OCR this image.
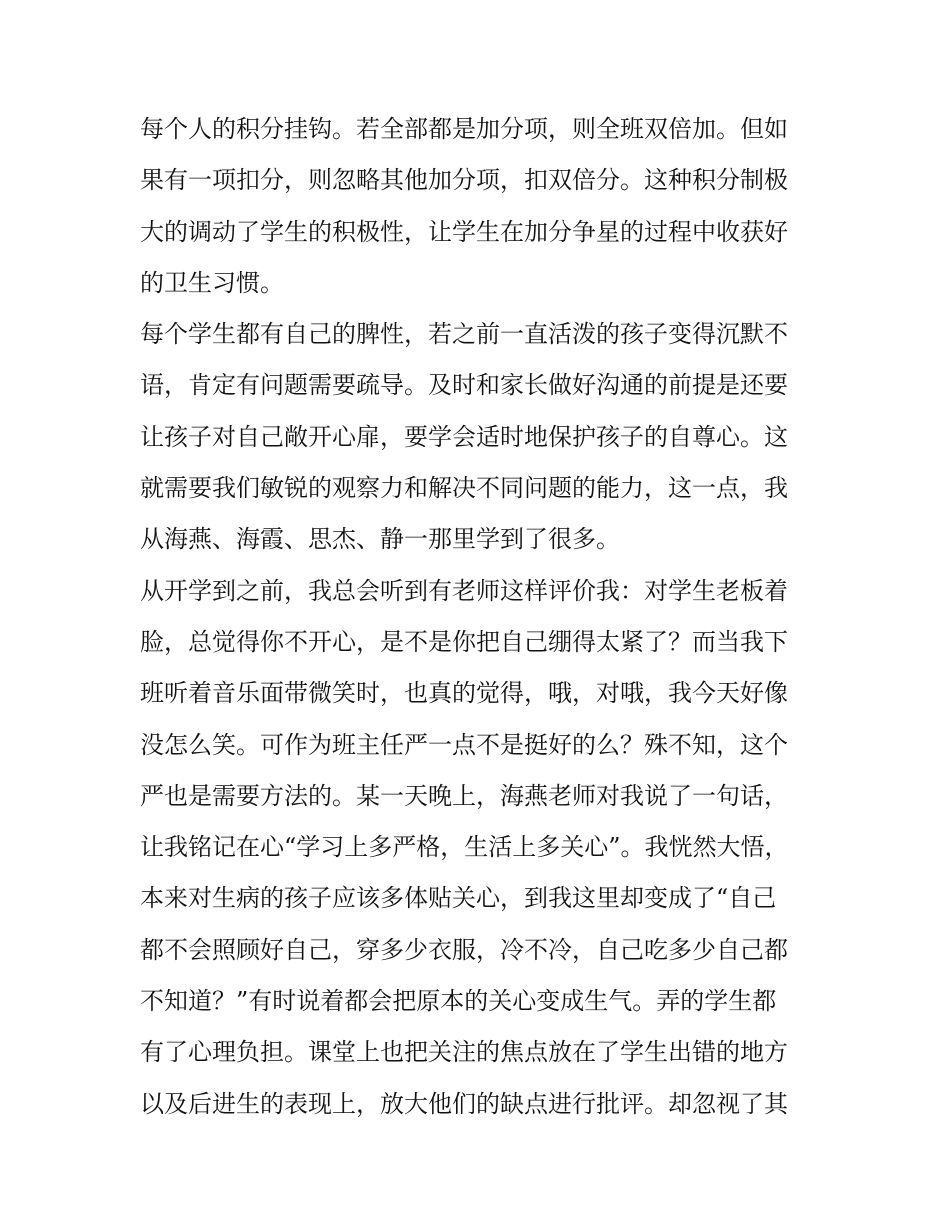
每个人的积分挂钩。若全部都是加分项，则全班双倍加。但如
果有一项扣分，则忽略其他加分项，扣双倍分。这种积分制极
大的调动了学生的积极性，让学生在加分争星的过程中收获好
的卫生习惯。
每个学生都有自己的脾性，若之前一直活泼的孩子变得沉默不
语，肯定有问题需要疏导。及时和家长做好沟通的前提是还要
让孩子对自己敞开心扉，要学会适时地保护孩子的自尊心。这
就需要我们敏锐的观察力和解决不同问题的能力，这一点，我
从海燕、海霞、思杰、静一那里学到了很多。
从开学到之前，我总会听到有老师这样评价我：对学生老板着
脸，总觉得你不开心，是不是你把自己绷得太紧了？而当我下
班听着音乐面带微笑时，也真的觉得，哦，对哦，我今天好像
没怎么笑。可作为班主任严一点不是挺好的么？殊不知，这个
严也是需要方法的。某一天晚上，海燕老师对我说了一句话，
让我铭记在心“学习上多严格，生活上多关心”。我恍然大悟，
本来对生病的孩子应该多体贴关心，到我这里却变成了“自己
都不会照顾好自己，穿多少衣服，冷不冷，自己吃多少自己都
不知道？”有时说着都会把原本的关心变成生气。弄的学生都
有了心理负担。课堂上也把关注的焦点放在了学生出错的地方
以及后进生的表现上，放大他们的缺点进行批评。却忽视了其
